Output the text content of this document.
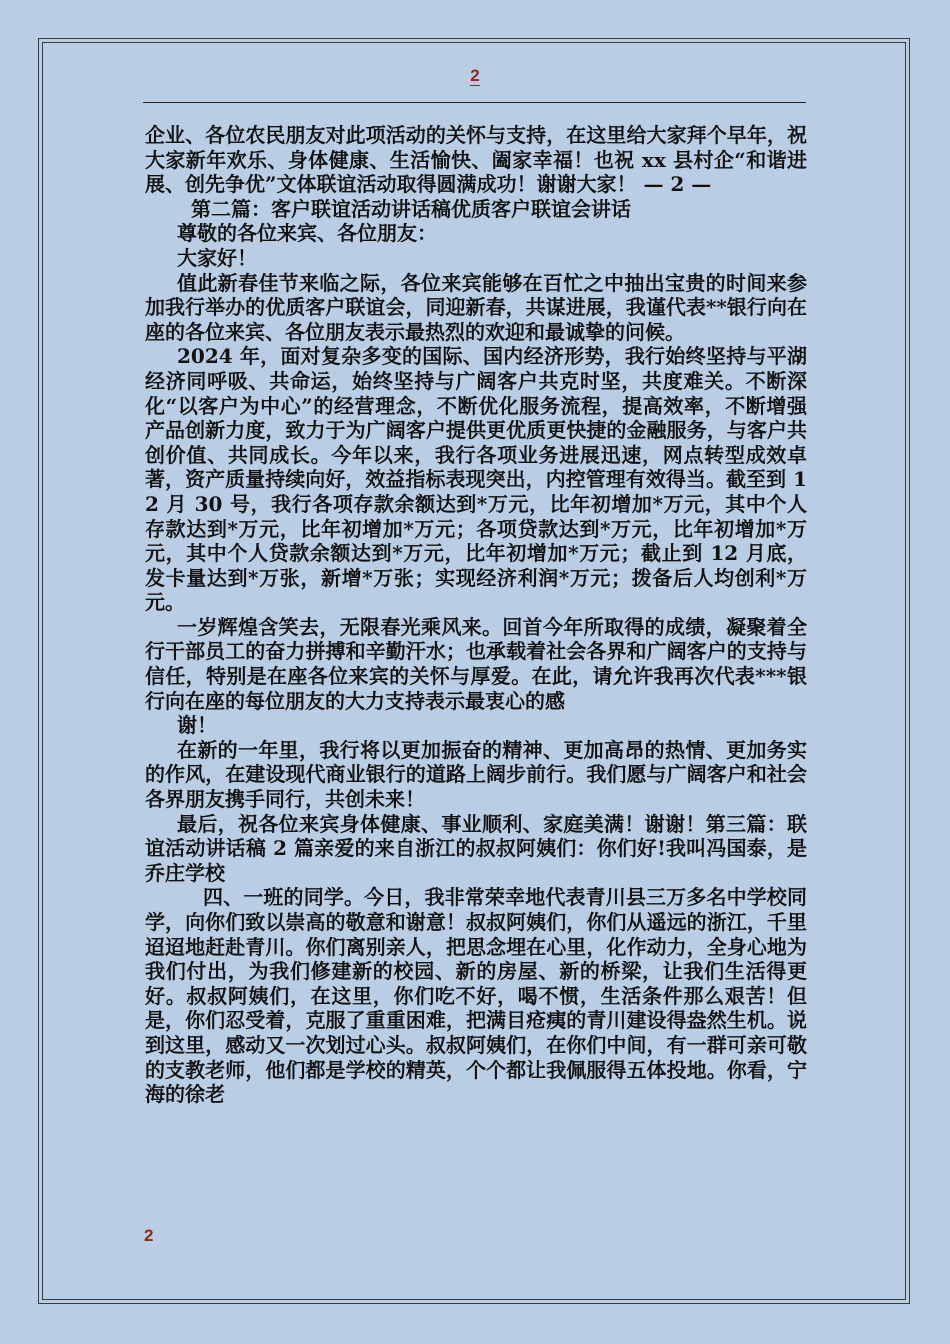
2

企业、各位农民朋友对此项活动的关怀与支持，在这里给大家拜个早年，祝大家新年欢乐、身体健康、生活愉快、阖家幸福！也祝 xx 县村企“和谐进展、创先争优”文体联谊活动取得圆满成功！谢谢大家！ — 2 —

第二篇：客户联谊活动讲话稿优质客户联谊会讲话

尊敬的各位来宾、各位朋友：

大家好！

值此新春佳节来临之际，各位来宾能够在百忙之中抽出宝贵的时间来参加我行举办的优质客户联谊会，同迎新春，共谋进展，我谨代表**银行向在座的各位来宾、各位朋友表示最热烈的欢迎和最诚挚的问候。

2024 年，面对复杂多变的国际、国内经济形势，我行始终坚持与平湖经济同呼吸、共命运，始终坚持与广阔客户共克时坚，共度难关。不断深化“以客户为中心”的经营理念，不断优化服务流程，提高效率，不断增强产品创新力度，致力于为广阔客户提供更优质更快捷的金融服务，与客户共创价值、共同成长。今年以来，我行各项业务进展迅速，网点转型成效卓著，资产质量持续向好，效益指标表现突出，内控管理有效得当。截至到 12 月 30 号，我行各项存款余额达到*万元，比年初增加*万元，其中个人存款达到*万元，比年初增加*万元；各项贷款达到*万元，比年初增加*万元，其中个人贷款余额达到*万元，比年初增加*万元；截止到 12 月底，发卡量达到*万张，新增*万张；实现经济利润*万元；拨备后人均创利*万元。

一岁辉煌含笑去，无限春光乘风来。回首今年所取得的成绩，凝聚着全行干部员工的奋力拼搏和辛勤汗水；也承载着社会各界和广阔客户的支持与信任，特别是在座各位来宾的关怀与厚爱。在此，请允许我再次代表***银行向在座的每位朋友的大力支持表示最衷心的感

谢！

在新的一年里，我行将以更加振奋的精神、更加高昂的热情、更加务实的作风，在建设现代商业银行的道路上阔步前行。我们愿与广阔客户和社会各界朋友携手同行，共创未来！

最后，祝各位来宾身体健康、事业顺利、家庭美满！谢谢！第三篇：联谊活动讲话稿 2 篇亲爱的来自浙江的叔叔阿姨们：你们好!我叫冯国泰，是乔庄学校

四、一班的同学。今日，我非常荣幸地代表青川县三万多名中学校同学，向你们致以崇高的敬意和谢意！叔叔阿姨们，你们从遥远的浙江，千里迢迢地赶赴青川。你们离别亲人，把思念埋在心里，化作动力，全身心地为我们付出，为我们修建新的校园、新的房屋、新的桥梁，让我们生活得更好。叔叔阿姨们，在这里，你们吃不好，喝不惯，生活条件那么艰苦！但是，你们忍受着，克服了重重困难，把满目疮痍的青川建设得盎然生机。说到这里，感动又一次划过心头。叔叔阿姨们，在你们中间，有一群可亲可敬的支教老师，他们都是学校的精英，个个都让我佩服得五体投地。你看，宁海的徐老

2
